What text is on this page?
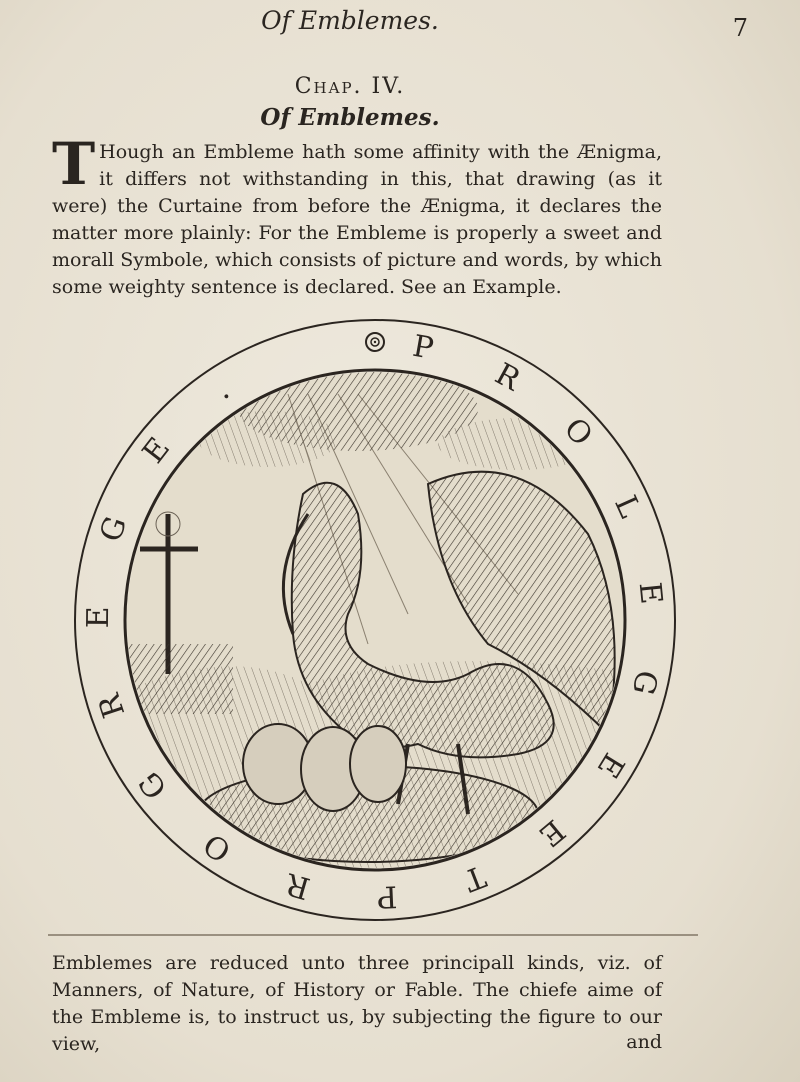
Of Emblemes.	7
Chap. IV.
Of Emblemes.
T Hough an Embleme hath some affinity with the Ænigma, it differs not withstanding in this, that drawing (as it were) the Curtaine from before the Ænigma, it declares the matter more plainly: For the Embleme is properly a sweet and morall Symbole, which consists of picture and words, by which some weighty sentence is declared. See an Example.
P
R
O
L
E
G
E
E
T
P
R
O
G
R
E
G
E
.
Emblemes are reduced unto three principall kinds, viz. of Manners, of Nature, of History or Fable. The chiefe aime of the Embleme is, to instruct us, by subjecting the figure to our view,	and
